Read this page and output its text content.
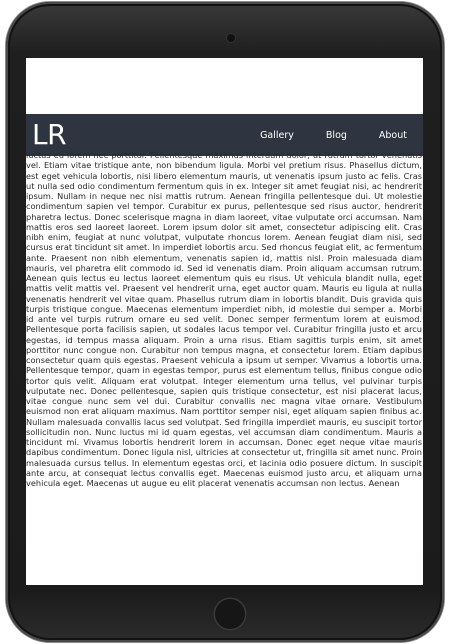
LR	Gallery	Blog	About

luctus eu lorem nec porttitor. Pellentesque maximus interdum dolor, ut rutrum tortor venenatis vel. Etiam vitae tristique ante, non bibendum ligula. Morbi vel pretium risus. Phasellus dictum, est eget vehicula lobortis, nisi libero elementum mauris, ut venenatis ipsum justo ac felis. Cras ut nulla sed odio condimentum fermentum quis in ex. Integer sit amet feugiat nisi, ac hendrerit ipsum. Nullam in neque nec nisi mattis rutrum. Aenean fringilla pellentesque dui. Ut molestie condimentum sapien vel tempor. Curabitur ex purus, pellentesque sed risus auctor, hendrerit pharetra lectus. Donec scelerisque magna in diam laoreet, vitae vulputate orci accumsan. Nam mattis eros sed laoreet laoreet. Lorem ipsum dolor sit amet, consectetur adipiscing elit. Cras nibh enim, feugiat at nunc volutpat, vulputate rhoncus lorem. Aenean feugiat diam nisi, sed cursus erat tincidunt sit amet. In imperdiet lobortis arcu. Sed rhoncus feugiat elit, ac fermentum ante. Praesent non nibh elementum, venenatis sapien id, mattis nisl. Proin malesuada diam mauris, vel pharetra elit commodo id. Sed id venenatis diam. Proin aliquam accumsan rutrum. Aenean quis lectus eu lectus laoreet elementum quis eu risus. Ut vehicula blandit nulla, eget mattis velit mattis vel. Praesent vel hendrerit urna, eget auctor quam. Mauris eu ligula at nulla venenatis hendrerit vel vitae quam. Phasellus rutrum diam in lobortis blandit. Duis gravida quis turpis tristique congue. Maecenas elementum imperdiet nibh, id molestie dui semper a. Morbi id ante vel turpis rutrum ornare eu sed velit. Donec semper fermentum lorem at euismod. Pellentesque porta facilisis sapien, ut sodales lacus tempor vel. Curabitur fringilla justo et arcu egestas, id tempus massa aliquam. Proin a urna risus. Etiam sagittis turpis enim, sit amet porttitor nunc congue non. Curabitur non tempus magna, et consectetur lorem. Etiam dapibus consectetur quam quis egestas. Praesent vehicula a ipsum ut semper. Vivamus a lobortis urna. Pellentesque tempor, quam in egestas tempor, purus est elementum tellus, finibus congue odio tortor quis velit. Aliquam erat volutpat. Integer elementum urna tellus, vel pulvinar turpis vulputate nec. Donec pellentesque, sapien quis tristique consectetur, est nisi placerat lacus, vitae congue nunc sem vel dui. Curabitur convallis nec magna vitae ornare. Vestibulum euismod non erat aliquam maximus. Nam porttitor semper nisi, eget aliquam sapien finibus ac. Nullam malesuada convallis lacus sed volutpat. Sed fringilla imperdiet mauris, eu suscipit tortor sollicitudin non. Nunc luctus mi id quam egestas, vel accumsan diam condimentum. Mauris a tincidunt mi. Vivamus lobortis hendrerit lorem in accumsan. Donec eget neque vitae mauris dapibus condimentum. Donec ligula nisl, ultricies at consectetur ut, fringilla sit amet nunc. Proin malesuada cursus tellus. In elementum egestas orci, et lacinia odio posuere dictum. In suscipit ante arcu, at consequat lectus convallis eget. Maecenas euismod justo arcu, et aliquam urna vehicula eget. Maecenas ut augue eu elit placerat venenatis accumsan non lectus. Aenean
